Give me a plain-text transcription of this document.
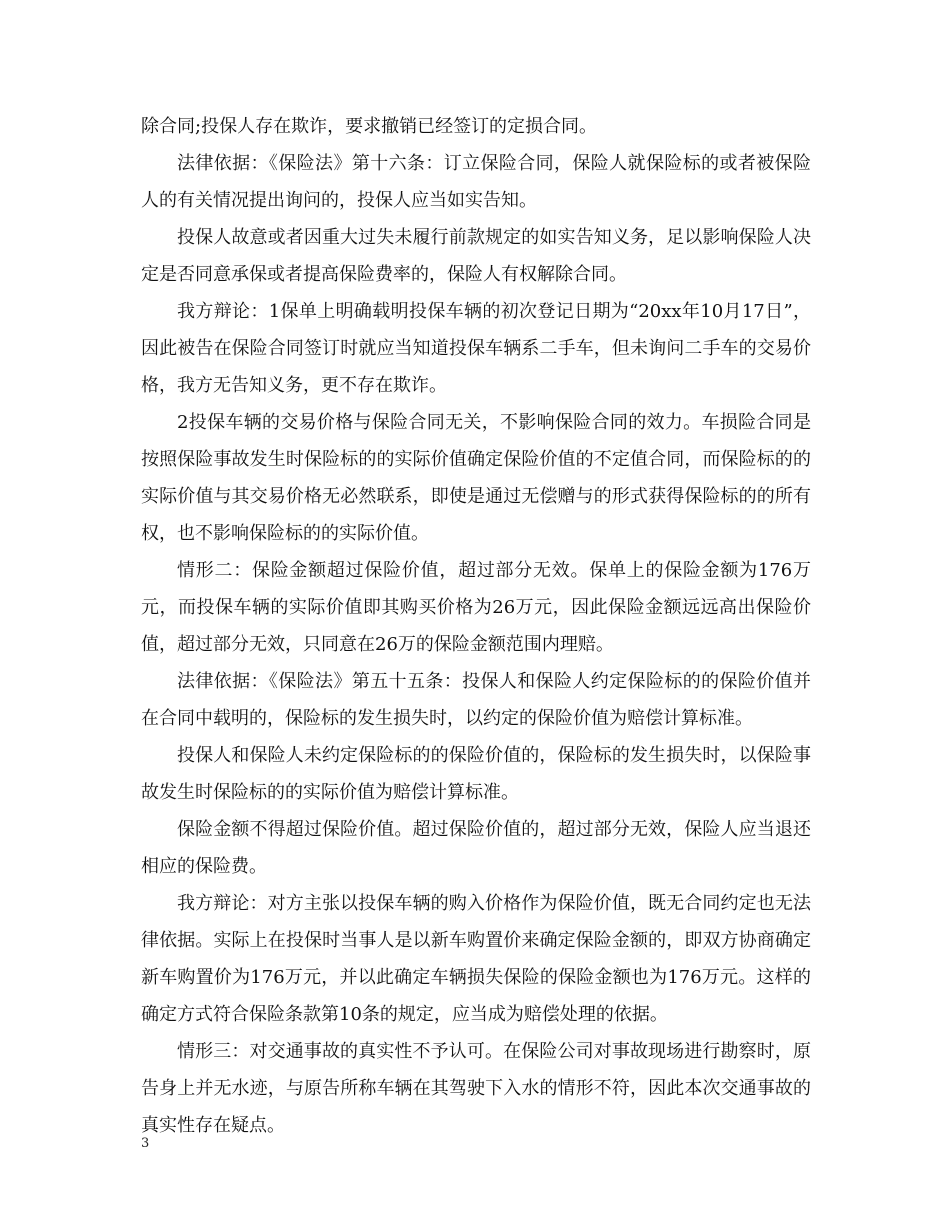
除合同;投保人存在欺诈，要求撤销已经签订的定损合同。

法律依据：《保险法》第十六条：订立保险合同，保险人就保险标的或者被保险人的有关情况提出询问的，投保人应当如实告知。

投保人故意或者因重大过失未履行前款规定的如实告知义务，足以影响保险人决定是否同意承保或者提高保险费率的，保险人有权解除合同。

我方辩论：1保单上明确载明投保车辆的初次登记日期为“20xx年10月17日”，因此被告在保险合同签订时就应当知道投保车辆系二手车，但未询问二手车的交易价格，我方无告知义务，更不存在欺诈。

2投保车辆的交易价格与保险合同无关，不影响保险合同的效力。车损险合同是按照保险事故发生时保险标的的实际价值确定保险价值的不定值合同，而保险标的的实际价值与其交易价格无必然联系，即使是通过无偿赠与的形式获得保险标的的所有权，也不影响保险标的的实际价值。

情形二：保险金额超过保险价值，超过部分无效。保单上的保险金额为176万元，而投保车辆的实际价值即其购买价格为26万元，因此保险金额远远高出保险价值，超过部分无效，只同意在26万的保险金额范围内理赔。

法律依据：《保险法》第五十五条：投保人和保险人约定保险标的的保险价值并在合同中载明的，保险标的发生损失时，以约定的保险价值为赔偿计算标准。

投保人和保险人未约定保险标的的保险价值的，保险标的发生损失时，以保险事故发生时保险标的的实际价值为赔偿计算标准。

保险金额不得超过保险价值。超过保险价值的，超过部分无效，保险人应当退还相应的保险费。

我方辩论：对方主张以投保车辆的购入价格作为保险价值，既无合同约定也无法律依据。实际上在投保时当事人是以新车购置价来确定保险金额的，即双方协商确定新车购置价为176万元，并以此确定车辆损失保险的保险金额也为176万元。这样的确定方式符合保险条款第10条的规定，应当成为赔偿处理的依据。

情形三：对交通事故的真实性不予认可。在保险公司对事故现场进行勘察时，原告身上并无水迹，与原告所称车辆在其驾驶下入水的情形不符，因此本次交通事故的真实性存在疑点。

3
